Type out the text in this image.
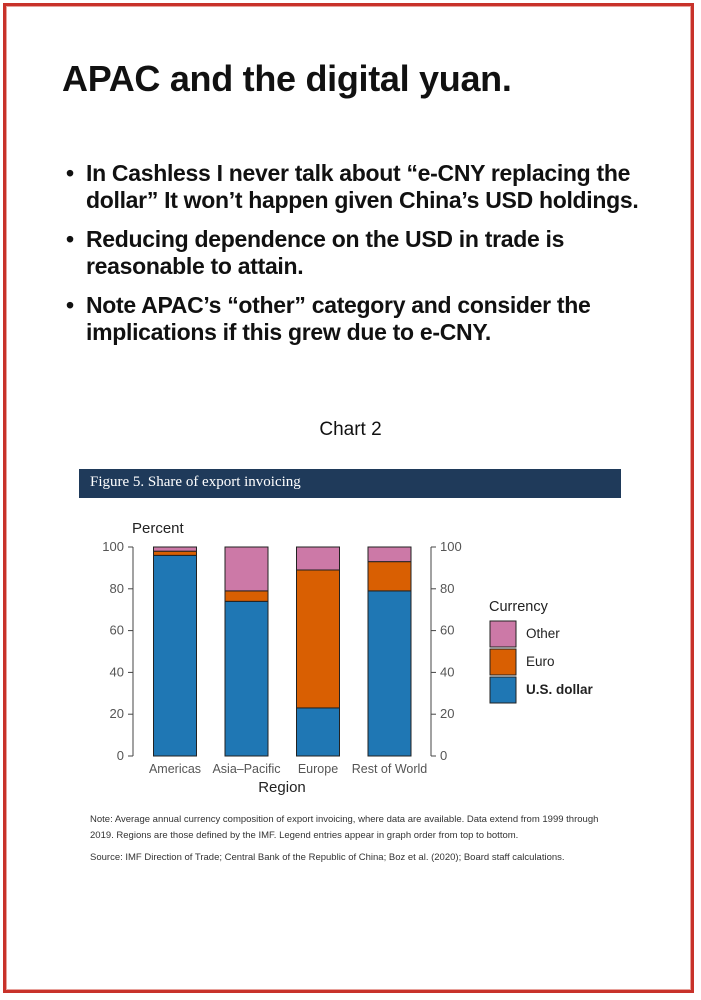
APAC and the digital yuan.
• In Cashless I never talk about “e-CNY replacing the dollar” It won’t happen given China’s USD holdings.
• Reducing dependence on the USD in trade is reasonable to attain.
• Note APAC’s “other” category and consider the implications if this grew due to e-CNY.
Chart 2
Figure 5. Share of export invoicing
0	0
20	20
40	40
60	60
80	80
100	100
Percent
Region
Americas Asia–Pacific Europe Rest of World
Currency
Other
Euro
U.S. dollar

Note: Average annual currency composition of export invoicing, where data are available. Data extend from 1999 through 2019. Regions are those defined by the IMF. Legend entries appear in graph order from top to bottom.

Source: IMF Direction of Trade; Central Bank of the Republic of China; Boz et al. (2020); Board staff calculations.
